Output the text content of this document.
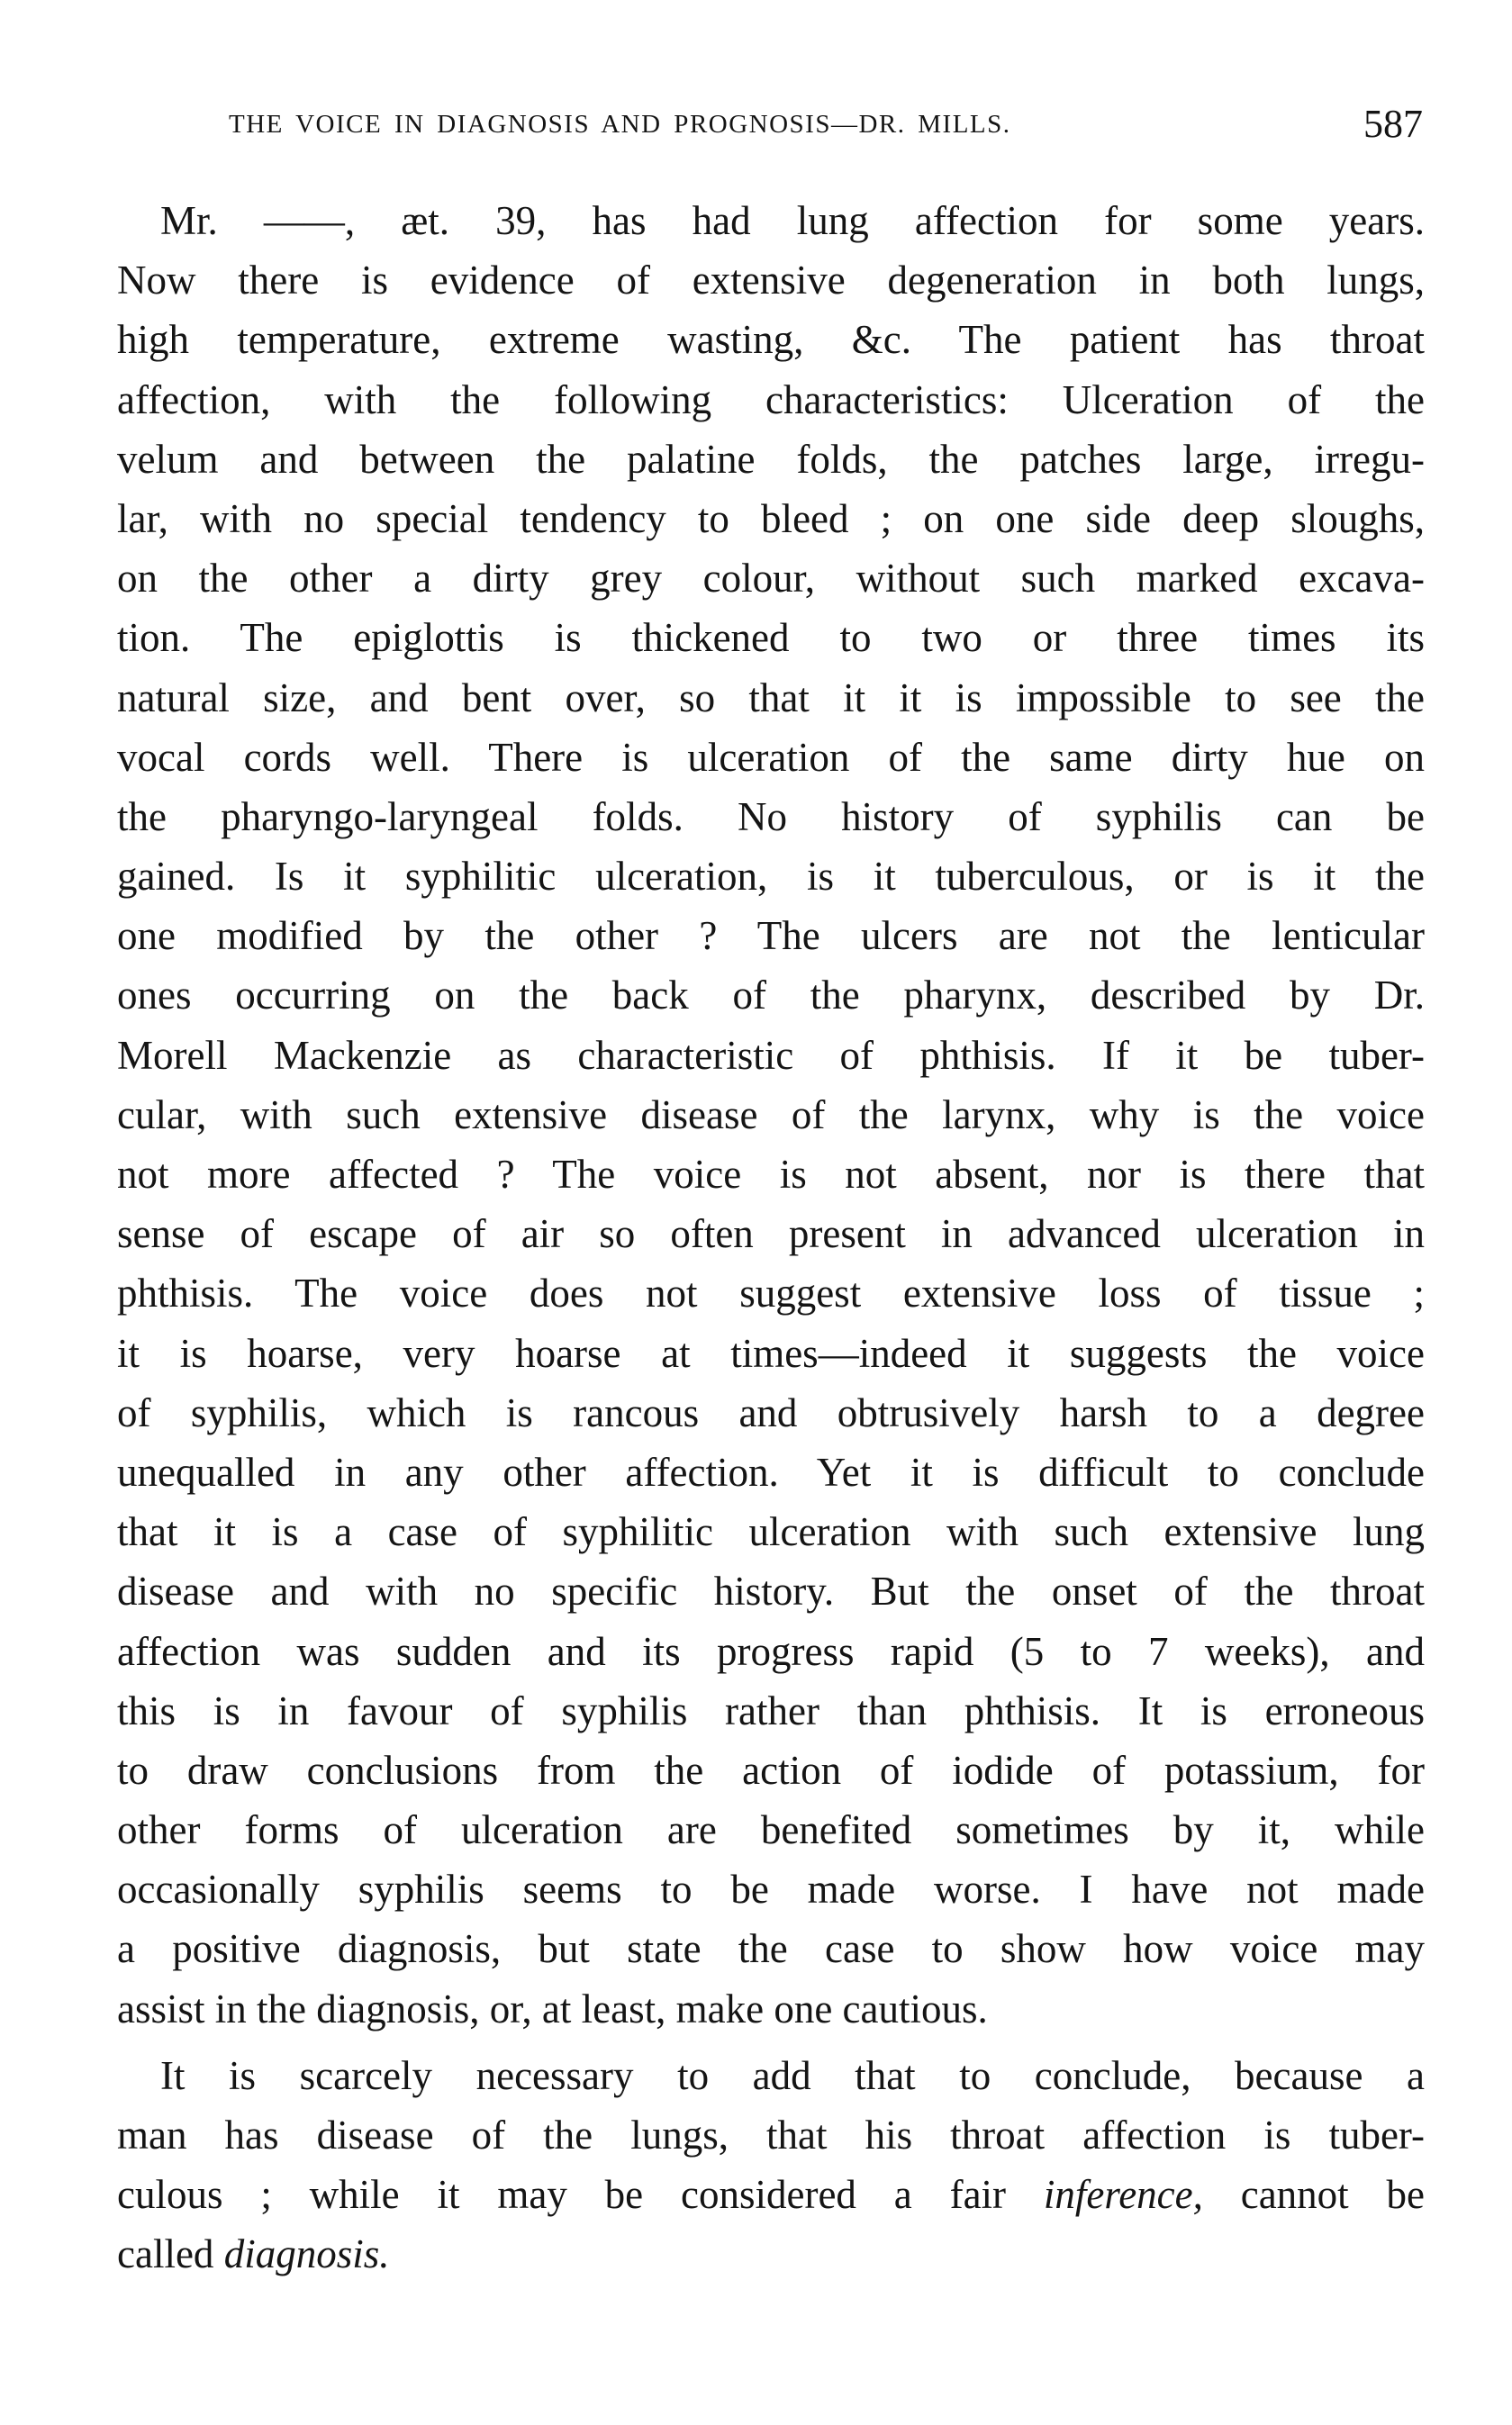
THE VOICE IN DIAGNOSIS AND PROGNOSIS—DR. MILLS.	587
Mr. ——, æt. 39, has had lung affection for some years.
Now there is evidence of extensive degeneration in both lungs,
high temperature, extreme wasting, &c. The patient has throat
affection, with the following characteristics: Ulceration of the
velum and between the palatine folds, the patches large, irregu-
lar, with no special tendency to bleed ; on one side deep sloughs,
on the other a dirty grey colour, without such marked excava-
tion. The epiglottis is thickened to two or three times its
natural size, and bent over, so that it it is impossible to see the
vocal cords well. There is ulceration of the same dirty hue on
the pharyngo-laryngeal folds. No history of syphilis can be
gained. Is it syphilitic ulceration, is it tuberculous, or is it the
one modified by the other ? The ulcers are not the lenticular
ones occurring on the back of the pharynx, described by Dr.
Morell Mackenzie as characteristic of phthisis. If it be tuber-
cular, with such extensive disease of the larynx, why is the voice
not more affected ? The voice is not absent, nor is there that
sense of escape of air so often present in advanced ulceration in
phthisis. The voice does not suggest extensive loss of tissue ;
it is hoarse, very hoarse at times—indeed it suggests the voice
of syphilis, which is rancous and obtrusively harsh to a degree
unequalled in any other affection. Yet it is difficult to conclude
that it is a case of syphilitic ulceration with such extensive lung
disease and with no specific history. But the onset of the throat
affection was sudden and its progress rapid (5 to 7 weeks), and
this is in favour of syphilis rather than phthisis. It is erroneous
to draw conclusions from the action of iodide of potassium, for
other forms of ulceration are benefited sometimes by it, while
occasionally syphilis seems to be made worse. I have not made
a positive diagnosis, but state the case to show how voice may
assist in the diagnosis, or, at least, make one cautious.
It is scarcely necessary to add that to conclude, because a
man has disease of the lungs, that his throat affection is tuber-
culous ; while it may be considered a fair inference, cannot be
called diagnosis.
